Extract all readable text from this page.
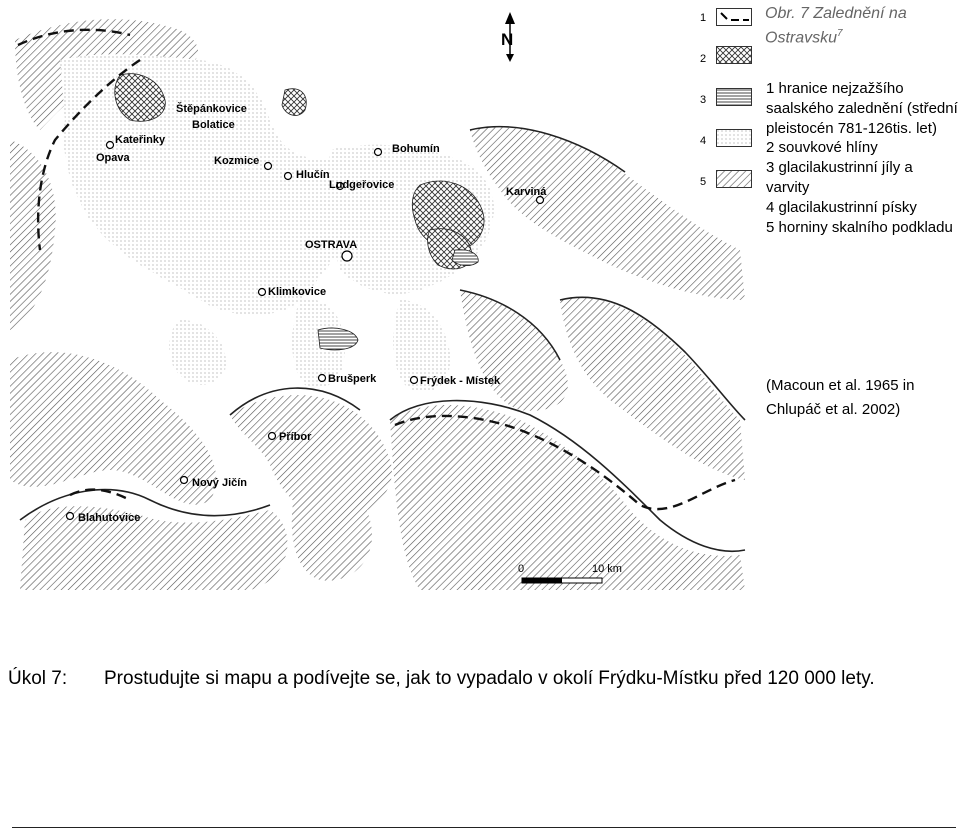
Štěpánkovice
Bolatice
Kateřinky
Opava	Kozmice
Hlučín
Bohumín
Ludgeřovice
Karviná
OSTRAVA
Klimkovice
Brušperk	Frýdek - Místek
Příbor
Nový Jičín
Blahutovice
N
0	10 km
1
2
3
4
5
Obr. 7 Zalednění na Ostravsku$^7$
1 hranice nejzažšího saalského zalednění (střední pleistocén 781-126tis. let)
2 souvkové hlíny
3 glacilakustrinní jíly a varvity
4 glacilakustrinní písky
5 horniny skalního podkladu
(Macoun et al. 1965 in Chlupáč et al. 2002)
Úkol 7: Prostudujte si mapu a podívejte se, jak to vypadalo v okolí Frýdku-Místku před 120 000 lety.
